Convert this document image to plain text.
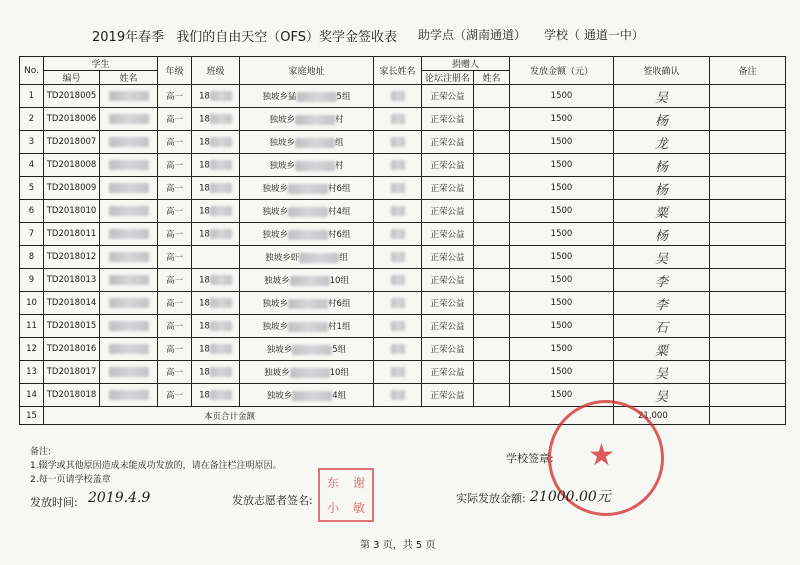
2019年春季 我们的自由天空（OFS）奖学金签收表	助学点（湖南通道） 学校（ 通道一中）
No.	学生		年级	班级	家庭地址	家长姓名	捐赠人		发放金额（元）	签收确认	备注
	编号	姓名					论坛注册名	姓名			
1	TD2018005		高一	18	独坡乡猛 5组		正荣公益		1500	吴	
2	TD2018006		高一	18	独坡乡 村		正荣公益		1500	杨	
3	TD2018007		高一	18	独坡乡 组		正荣公益		1500	龙	
4	TD2018008		高一	18	独坡乡 村		正荣公益		1500	杨	
5	TD2018009		高一	18	独坡乡 村6组		正荣公益		1500	杨	
6	TD2018010		高一	18	独坡乡 村4组		正荣公益		1500	粟	
7	TD2018011		高一	18	独坡乡 村6组		正荣公益		1500	杨	
8	TD2018012		高一		独坡乡虾 组		正荣公益		1500	吴	
9	TD2018013		高一	18	独坡乡 10组		正荣公益		1500	李	
10	TD2018014		高一	18	独坡乡 村6组		正荣公益		1500	李	
11	TD2018015		高一	18	独坡乡 村1组		正荣公益		1500	石	
12	TD2018016		高一	18	独坡乡 5组		正荣公益		1500	粟	
13	TD2018017		高一	18	独坡乡 10组		正荣公益		1500	吴	
14	TD2018018		高一	18	独坡乡 4组		正荣公益		1500	吴	
15	本页合计金额									21,000	
备注:
1.辍学或其他原因造成未能成功发放的，请在备注栏注明原因。
2.每一页请学校盖章
★
学校签章:
发放时间: 2019.4.9	发放志愿者签名:
东	谢
小	敏
实际发放金额: 21000.00元
第 3 页，共 5 页
